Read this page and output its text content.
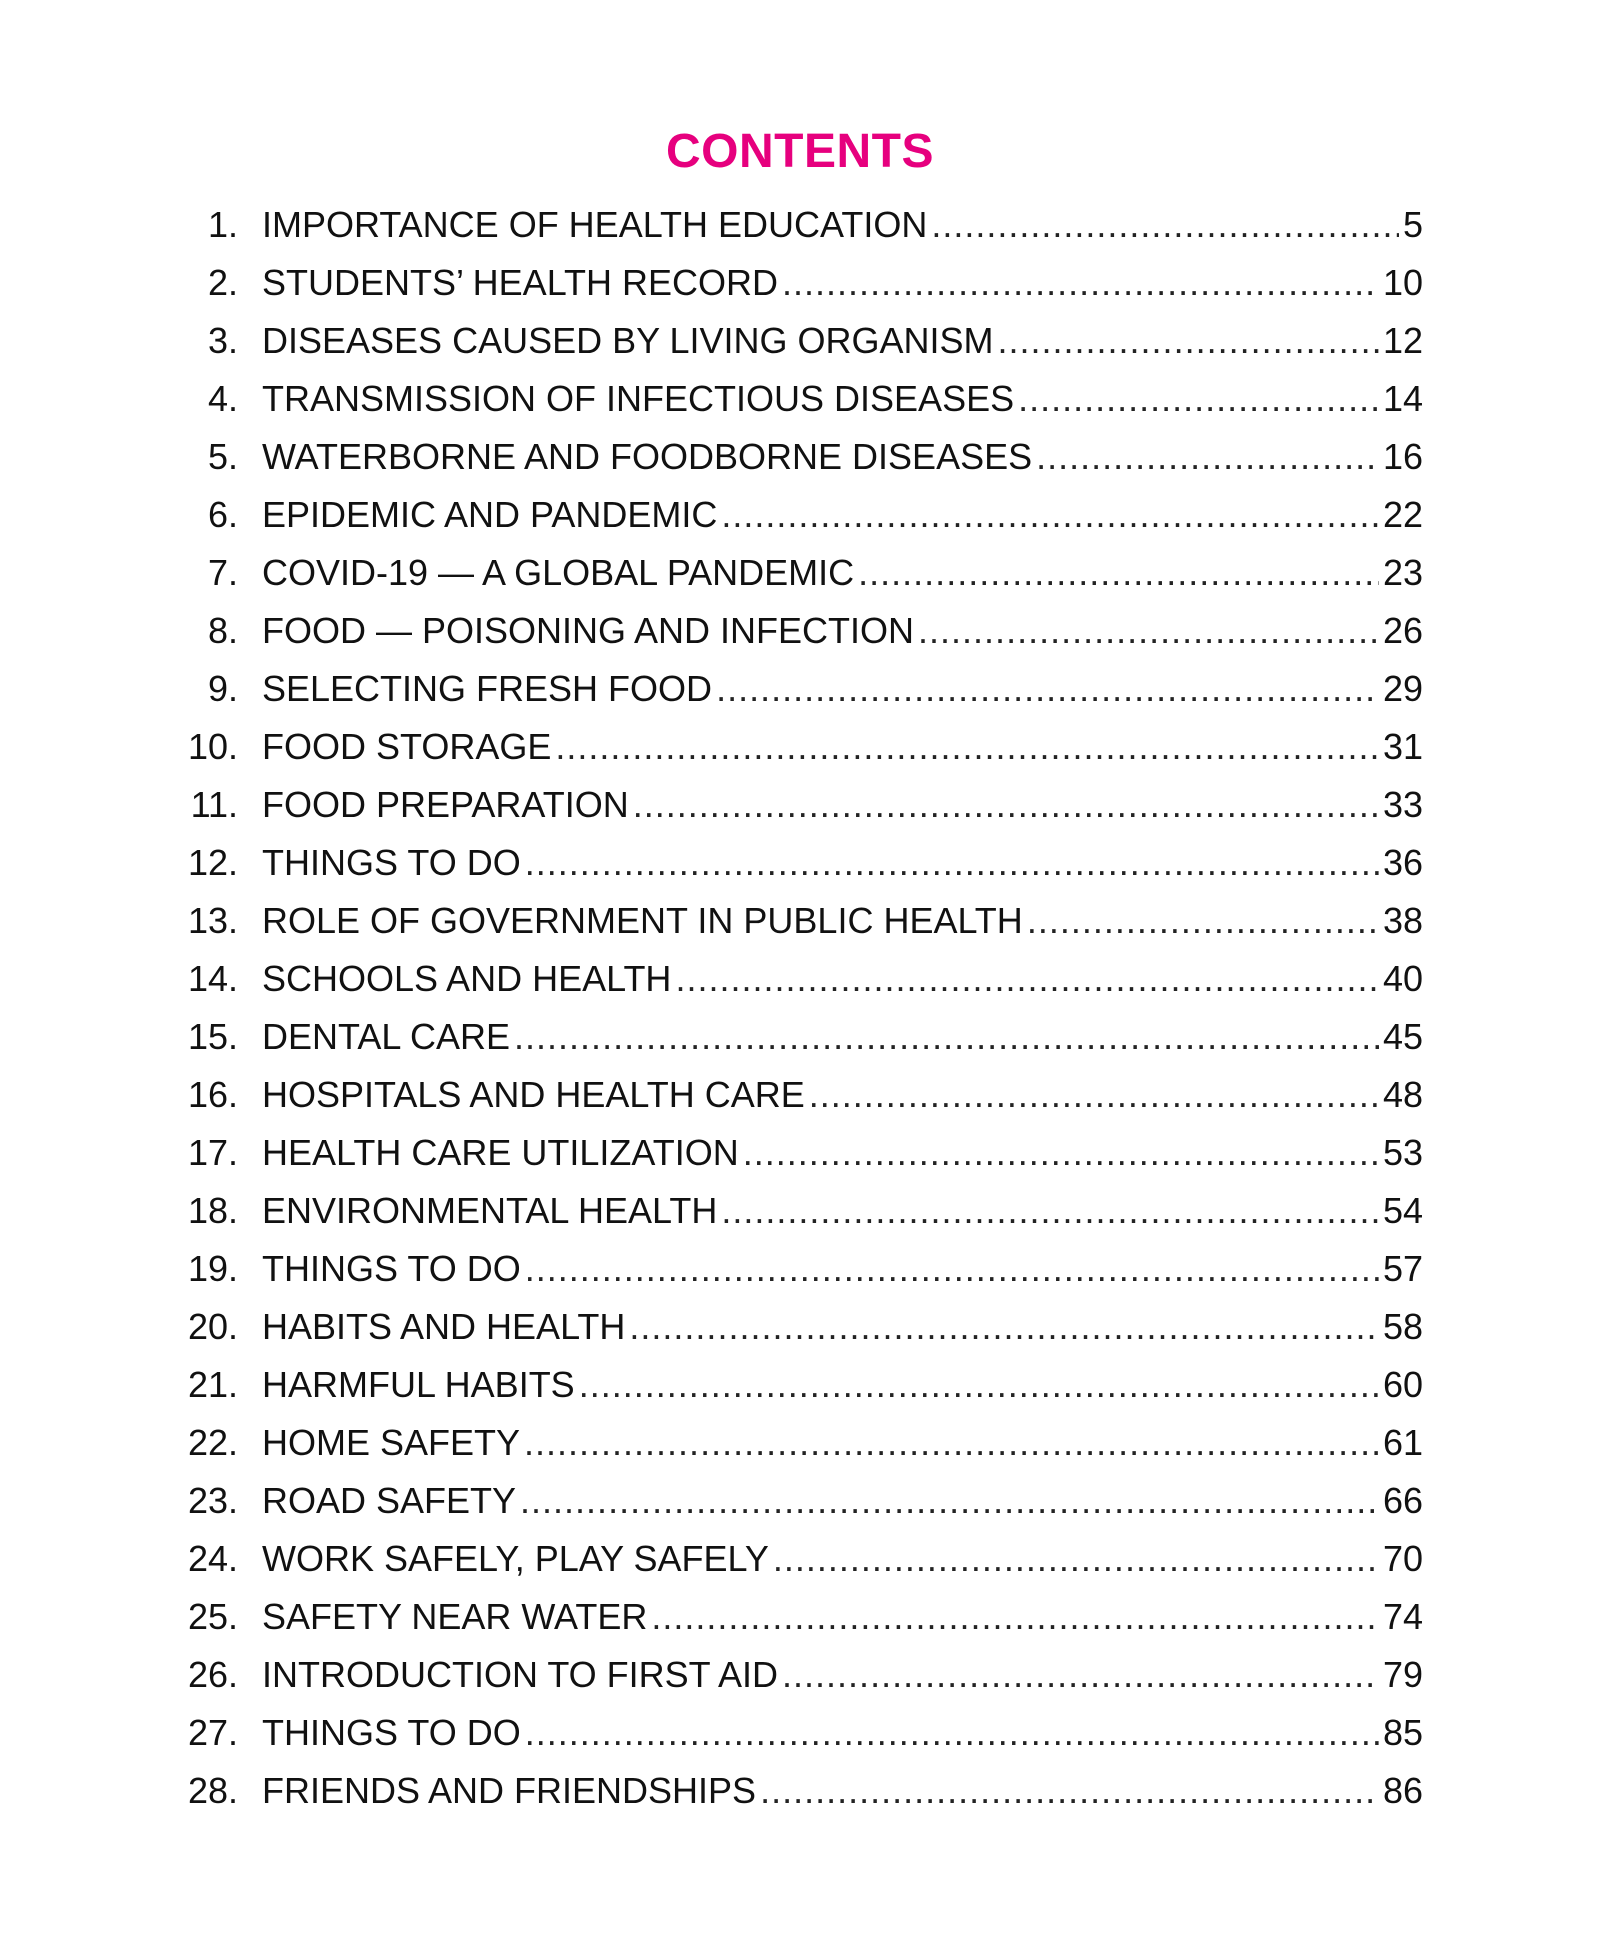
CONTENTS
1. IMPORTANCE OF HEALTH EDUCATION .....	5
2. STUDENTS’ HEALTH RECORD .....	10
3. DISEASES CAUSED BY LIVING ORGANISM .....	12
4. TRANSMISSION OF INFECTIOUS DISEASES .....	14
5. WATERBORNE AND FOODBORNE DISEASES .....	16
6. EPIDEMIC AND PANDEMIC .....	22
7. COVID-19 — A GLOBAL PANDEMIC .....	23
8. FOOD — POISONING AND INFECTION .....	26
9. SELECTING FRESH FOOD .....	29
10. FOOD STORAGE .....	31
11. FOOD PREPARATION .....	33
12. THINGS TO DO .....	36
13. ROLE OF GOVERNMENT IN PUBLIC HEALTH .....	38
14. SCHOOLS AND HEALTH .....	40
15. DENTAL CARE .....	45
16. HOSPITALS AND HEALTH CARE .....	48
17. HEALTH CARE UTILIZATION .....	53
18. ENVIRONMENTAL HEALTH .....	54
19. THINGS TO DO .....	57
20. HABITS AND HEALTH .....	58
21. HARMFUL HABITS .....	60
22. HOME SAFETY .....	61
23. ROAD SAFETY .....	66
24. WORK SAFELY, PLAY SAFELY .....	70
25. SAFETY NEAR WATER .....	74
26. INTRODUCTION TO FIRST AID .....	79
27. THINGS TO DO .....	85
28. FRIENDS AND FRIENDSHIPS .....	86
